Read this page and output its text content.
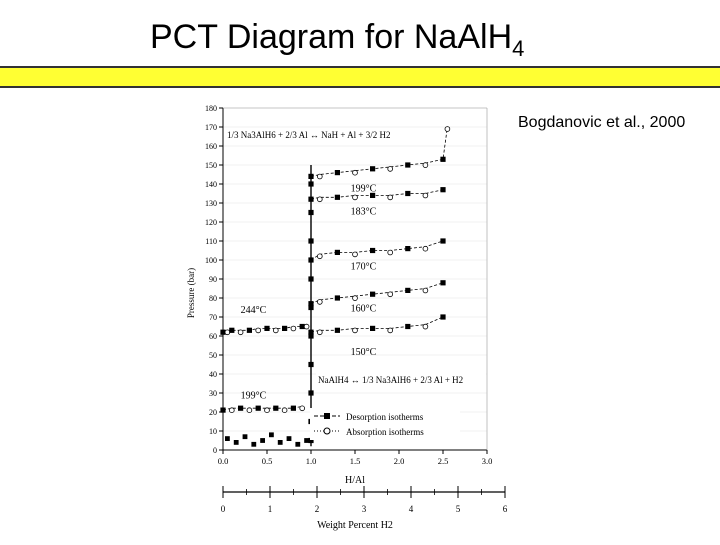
PCT Diagram for NaAlH$_4$
Bogdanovic et al., 2000
0
10
20
30
40
50
60
70
80
90
100
110
120
130
140
150
160
170
180
0.0	0.5	1.0	1.5	2.0	2.5	3.0
244°C
199°C
183°C
170°C
160°C
150°C
199°C
Pressure (bar)
H/Al
Weight Percent H2
1/3 Na3AlH6 + 2/3 Al ↔ NaH + Al + 3/2 H2
NaAlH4 ↔ 1/3 Na3AlH6 + 2/3 Al + H2
Desorption isotherms
Absorption isotherms
0	1	2	3	4	5	6
